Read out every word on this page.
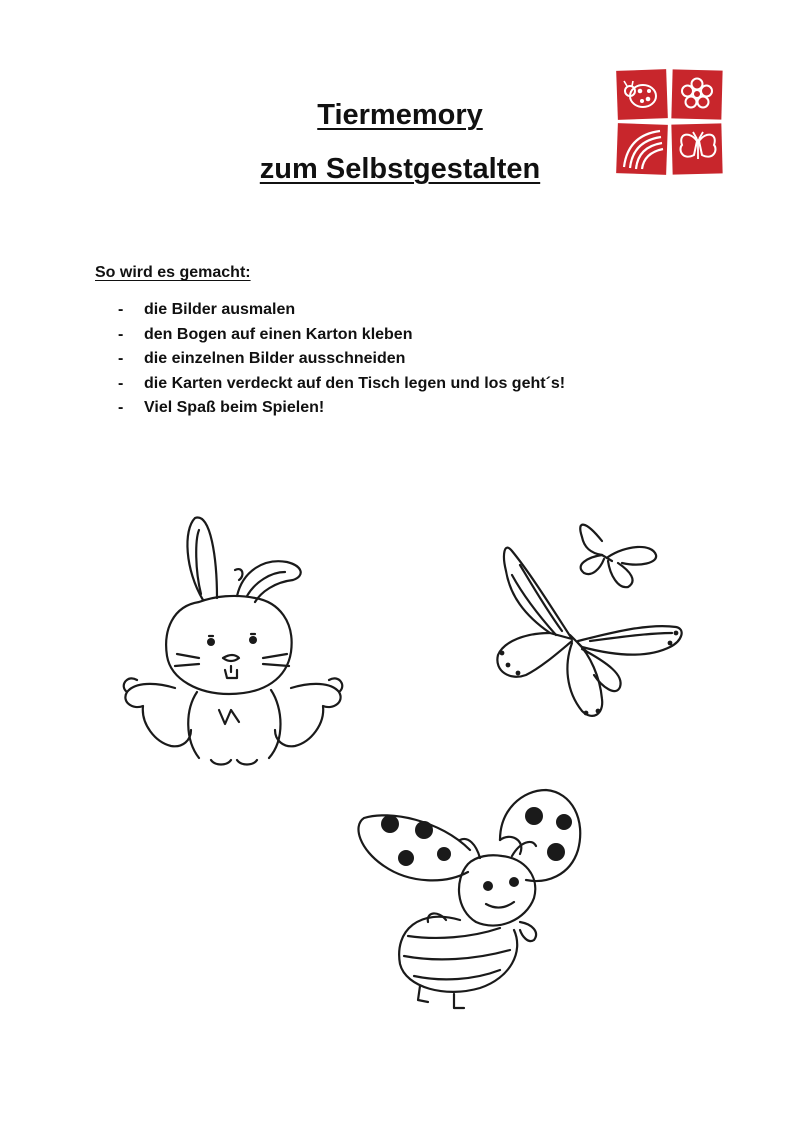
Tiermemory
zum Selbstgestalten
So wird es gemacht:
- die Bilder ausmalen
- den Bogen auf einen Karton kleben
- die einzelnen Bilder ausschneiden
- die Karten verdeckt auf den Tisch legen und los geht´s!
- Viel Spaß beim Spielen!
